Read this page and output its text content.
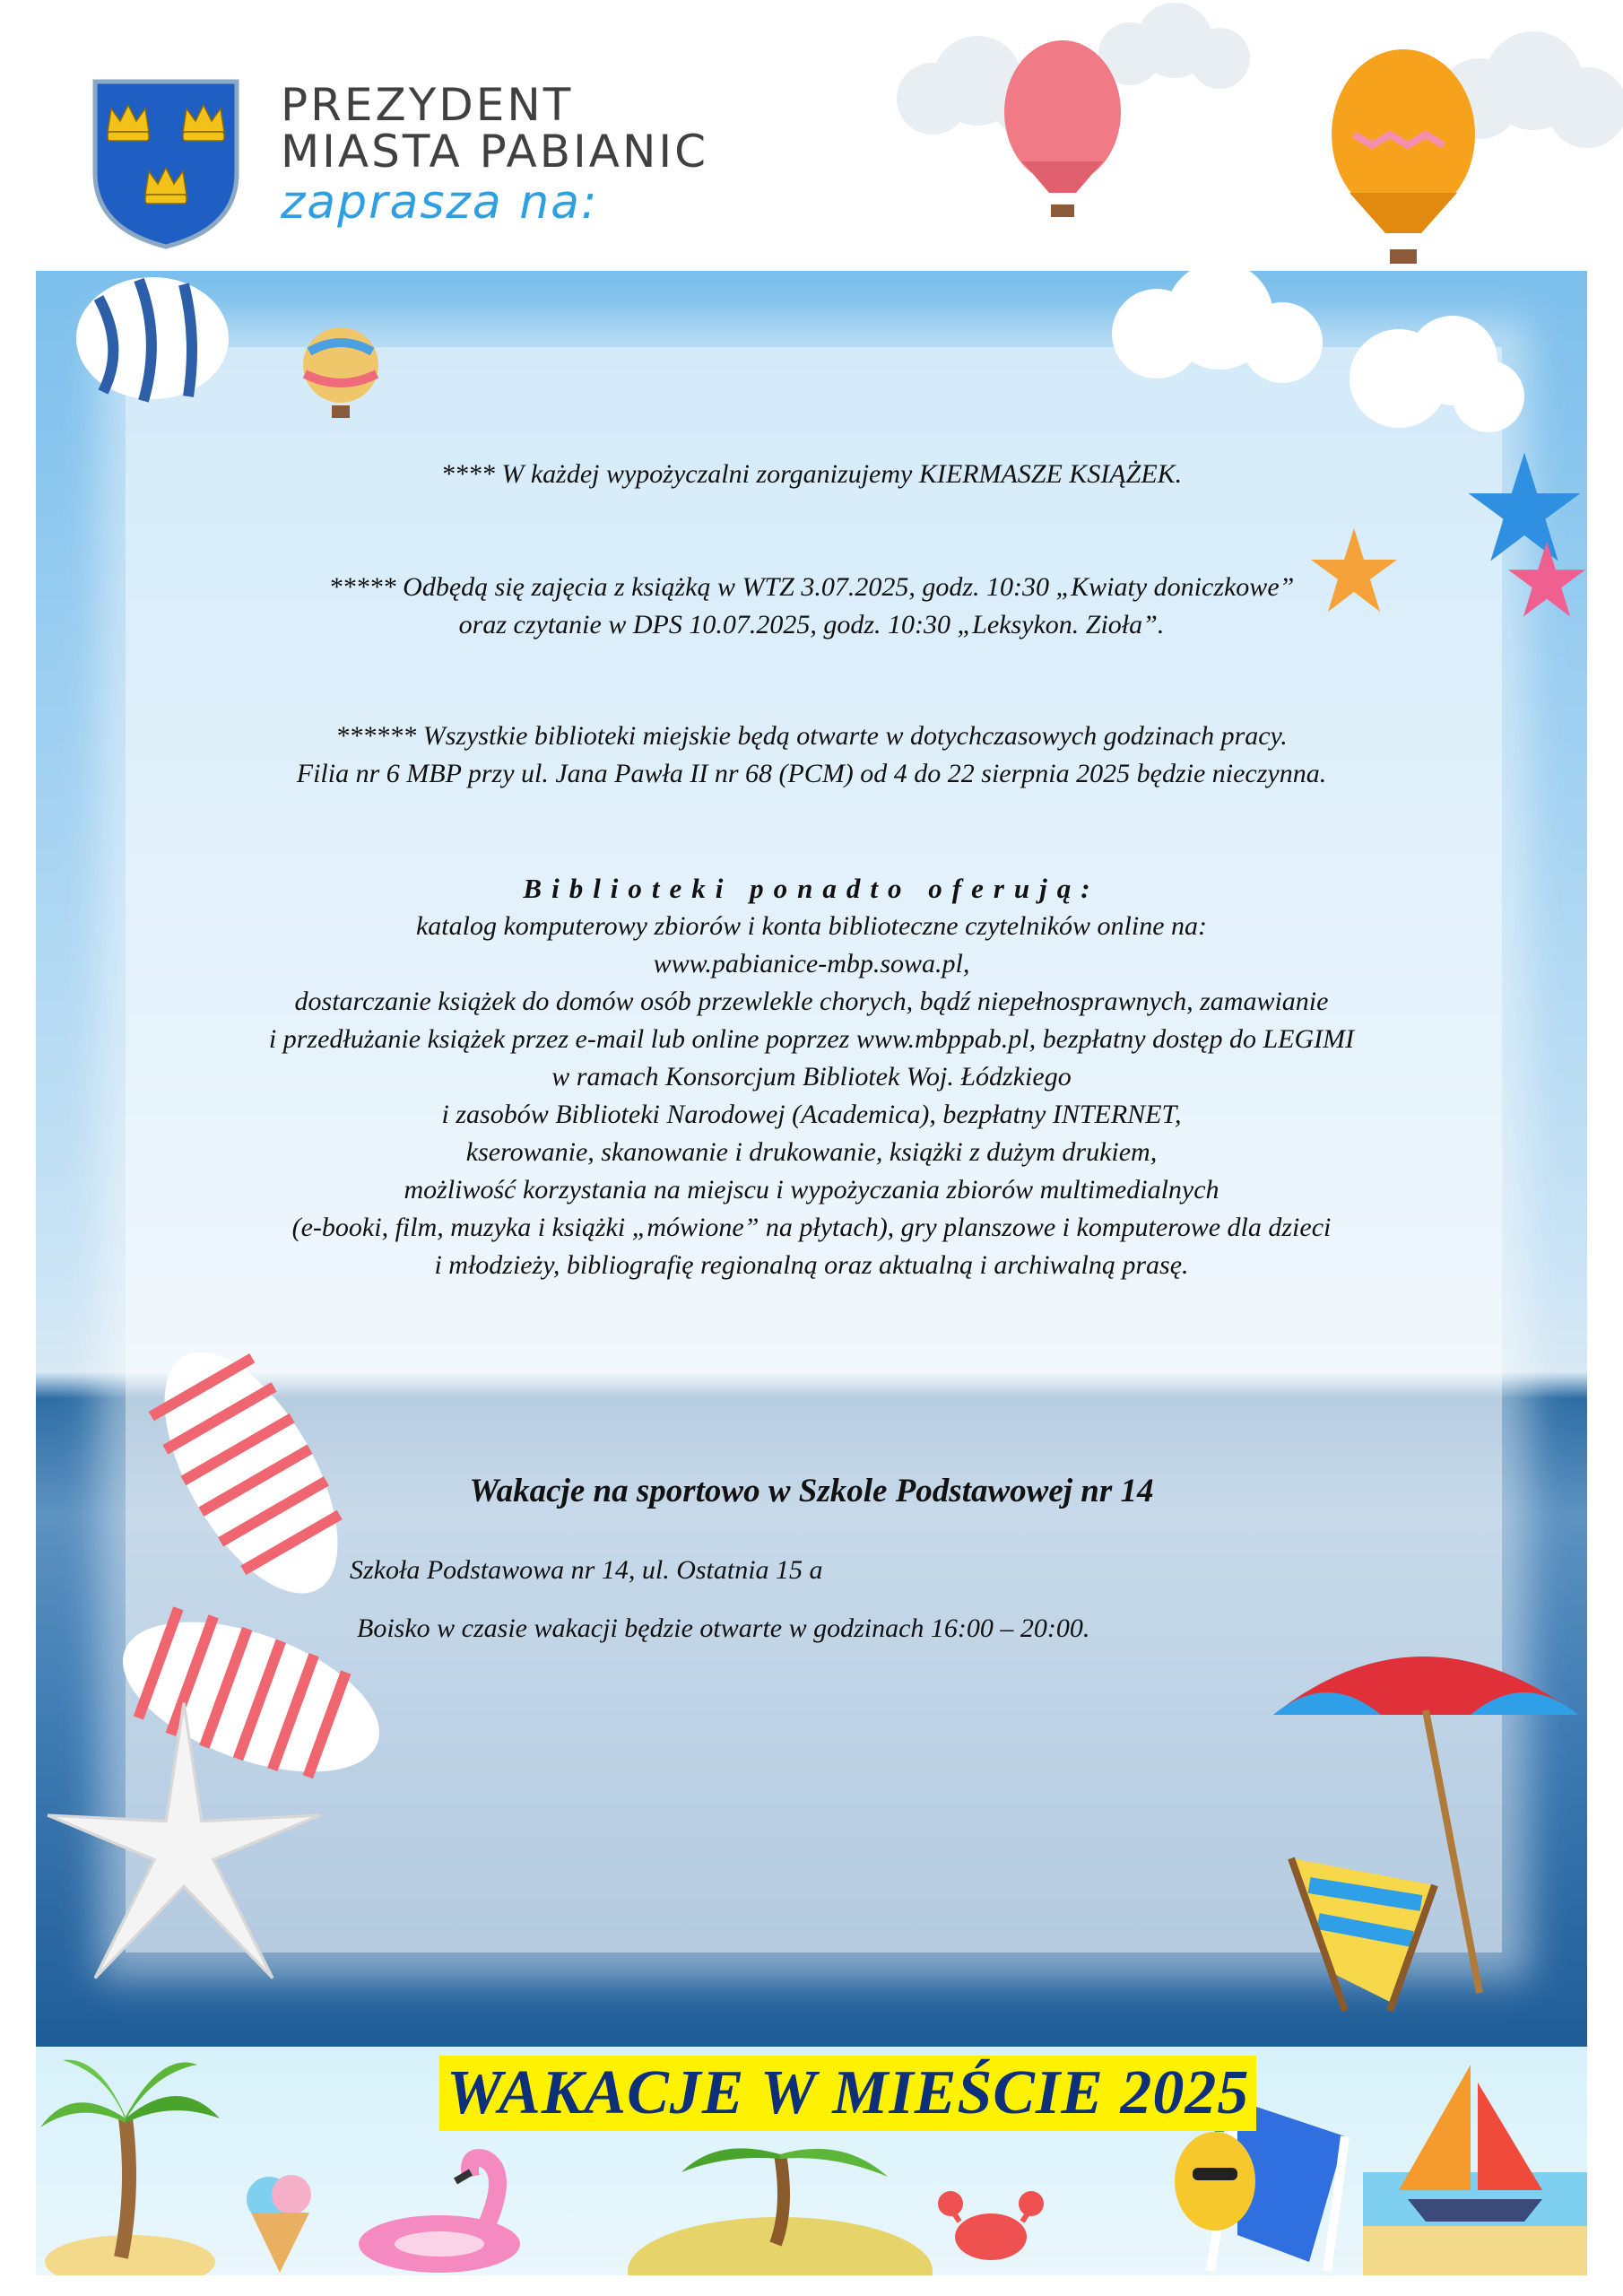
PREZYDENT
MIASTA PABIANIC
zaprasza na:

**** W każdej wypożyczalni zorganizujemy KIERMASZE KSIĄŻEK.

***** Odbędą się zajęcia z książką w WTZ 3.07.2025, godz. 10:30 „Kwiaty doniczkowe”

oraz czytanie w DPS 10.07.2025, godz. 10:30 „Leksykon. Zioła”.

****** Wszystkie biblioteki miejskie będą otwarte w dotychczasowych godzinach pracy.

Filia nr 6 MBP przy ul. Jana Pawła II nr 68 (PCM) od 4 do 22 sierpnia 2025 będzie nieczynna.

Biblioteki ponadto oferują:

katalog komputerowy zbiorów i konta biblioteczne czytelników online na:

www.pabianice-mbp.sowa.pl,

dostarczanie książek do domów osób przewlekle chorych, bądź niepełnosprawnych, zamawianie

i przedłużanie książek przez e-mail lub online poprzez www.mbppab.pl, bezpłatny dostęp do LEGIMI

w ramach Konsorcjum Bibliotek Woj. Łódzkiego

i zasobów Biblioteki Narodowej (Academica), bezpłatny INTERNET,

kserowanie, skanowanie i drukowanie, książki z dużym drukiem,

możliwość korzystania na miejscu i wypożyczania zbiorów multimedialnych

(e-booki, film, muzyka i książki „mówione” na płytach), gry planszowe i komputerowe dla dzieci

i młodzieży, bibliografię regionalną oraz aktualną i archiwalną prasę.

Wakacje na sportowo w Szkole Podstawowej nr 14

Szkoła Podstawowa nr 14, ul. Ostatnia 15 a

Boisko w czasie wakacji będzie otwarte w godzinach 16:00 – 20:00.

WAKACJE W MIEŚCIE 2025
